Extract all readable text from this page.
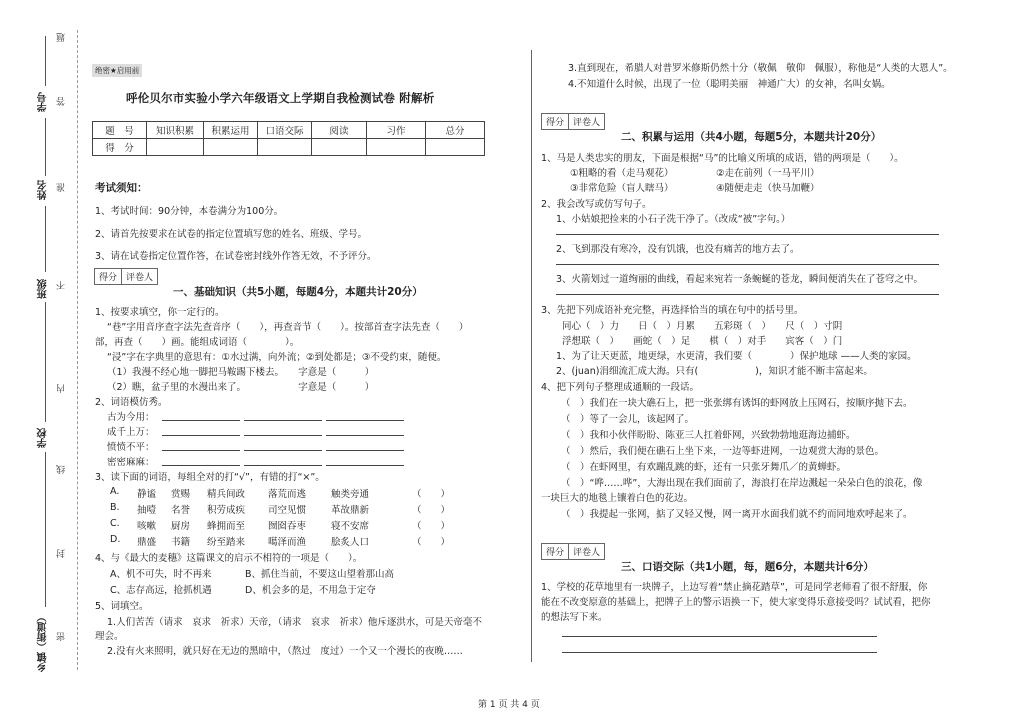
题
学号 答
姓名 准
班级 不
内
学校
线
封
密
乡镇（街道）
绝密★启用前
呼伦贝尔市实验小学六年级语文上学期自我检测试卷 附解析
题　号	知识积累	积累运用	口语交际	阅读	习作	总分
得　分						
考试须知：
1、考试时间：90分钟，本卷满分为100分。
2、请首先按要求在试卷的指定位置填写您的姓名、班级、学号。
3、请在试卷指定位置作答，在试卷密封线外作答无效，不予评分。
得分	评卷人
一、基础知识（共5小题，每题4分，本题共计20分）
1、按要求填空，你一定行的。
“巷”字用音序查字法先查音序（　　），再查音节（　　）。按部首查字法先查（　　）
部，再查（　　）画。能组成词语（　　　　）。
“浸”字在字典里的意思有：①水过满，向外流；②到处都是；③不受约束，随便。
（1）我漫不经心地一脚把马鞍踢下楼去。　　字意是（　　　）
（2）瞧，盆子里的水漫出来了。　　　　　　字意是（　　　）
2、词语模仿秀。
古为今用：
成千上万：
愤愤不平：
密密麻麻：
3、读下面的词语，每组全对的打“√”，有错的打“×”。
A. 静谧 赏赐 精兵间政 落荒而逃	触类旁通	（　　）
B. 抽噎 名誉 积劳成疾 司空见惯	革故鼎新	（　　）
C. 咳嗽 厨房 蜂拥而至 囫囵吞枣	寝不安席	（　　）
D. 鼎盛 书籍 纷至踏来 噶泽而渔	脍炙人口	（　　）
4、与《最大的麦穗》这篇课文的启示不相符的一项是（　　）。
A、机不可失，时不再来	B、抓住当前，不要这山望着那山高
C、志存高远，抢抓机遇	D、机会多的是，不用急于定夺
5、词填空。
1.人们苦苦（请求　哀求　祈求）天帝，（请求　哀求　祈求）他斥逐洪水，可是天帝毫不
理会。
2.没有火来照明，就只好在无边的黑暗中，（熬过　度过）一个又一个漫长的夜晚……
3.直到现在，希腊人对普罗米修斯仍然十分（敬佩　敬仰　佩服），称他是“人类的大恩人”。
4.不知道什么时候，出现了一位（聪明美丽　神通广大）的女神，名叫女娲。
得分	评卷人
二、积累与运用（共4小题，每题5分，本题共计20分）
1、马是人类忠实的朋友，下面是根据“马”的比喻义所填的成语，错的两项是（　　）。
①粗略的看（走马观花）	②走在前列（一马平川）
③非常危险（盲人瞎马）	④随便走走（快马加鞭）
2、我会改写或仿写句子。
1、小姑娘把捡来的小石子洗干净了。（改成“被”字句。）
2、飞到那没有寒冷，没有饥饿，也没有痛苦的地方去了。
3、火箭划过一道绚丽的曲线，看起来宛若一条蜿蜒的苍龙，瞬间便消失在了苍穹之中。
3、先把下列成语补充完整，再选择恰当的填在句中的括号里。
同心（　）力　　日（　）月累　　五彩斑（　）　　尺（　）寸阴
浮想联（　）　　画蛇（　）足　　棋（　）对手　　宾客（　）门
1、为了让天更蓝，地更绿，水更清，我们要（　　　　）保护地球 ——人类的家园。
2、(juan)涓细流汇成大海。只有(　　　　　　)，知识才能不断丰富起来。
4、把下列句子整理成通顺的一段话。
（　）我们在一块大礁石上，把一张张绑有诱饵的虾网放上压网石，按顺序抛下去。
（　）等了一会儿，该起网了。
（　）我和小伙伴盼盼、陈亚三人扛着虾网，兴致勃勃地逛海边捕虾。
（　）然后，我们便在礁石上坐下来，一边等虾进网，一边观赏大海的景色。
（　）在虾网里，有欢蹦乱跳的虾，还有一只张牙舞爪／的黄蝉虾。
（　）“哗……哗”，大海出现在我们面前了，海浪打在岸边溅起一朵朵白色的浪花，像
一块巨大的地毯上镶着白色的花边。
（　）我提起一张网，掂了又轻又慢，网一离开水面我们就不约而同地欢呼起来了。
得分	评卷人
三、口语交际（共1小题，每，题6分，本题共计6分）
1、学校的花草地里有一块牌子，上边写着“禁止摘花踏草”，可是同学老师看了很不舒服，你
能在不改变原意的基础上，把牌子上的警示语换一下，使大家变得乐意接受吗？试试看，把你
的想法写下来。
第 1 页 共 4 页
